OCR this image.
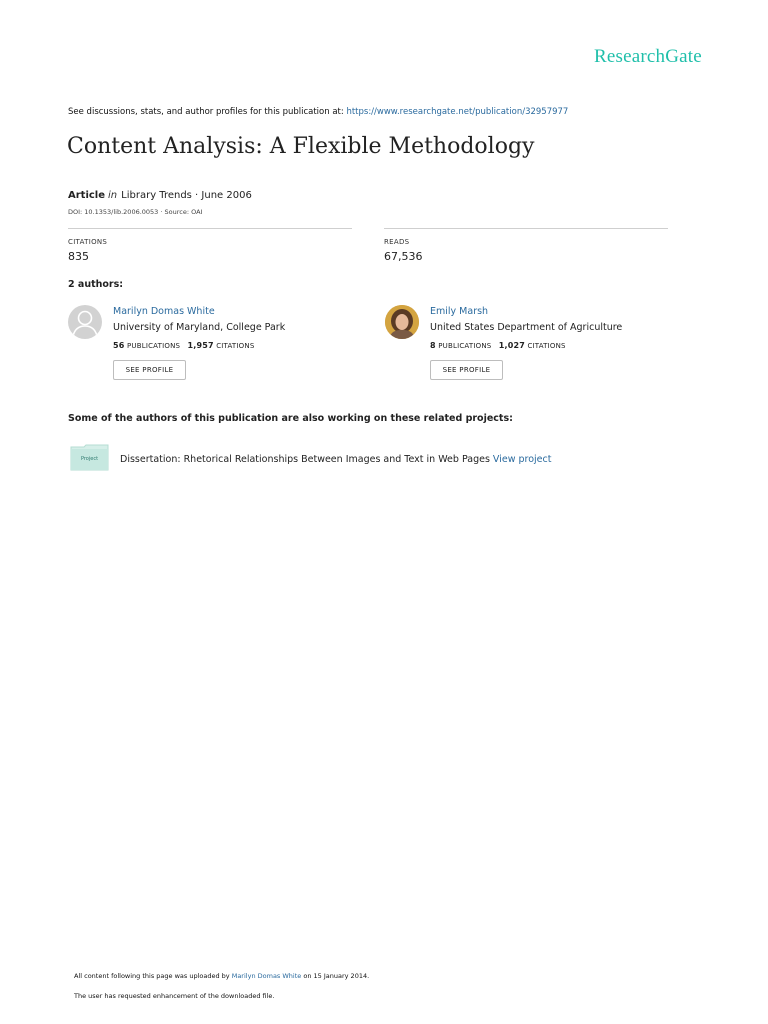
ResearchGate
See discussions, stats, and author profiles for this publication at: https://www.researchgate.net/publication/32957977
Content Analysis: A Flexible Methodology
Article in Library Trends · June 2006
DOI: 10.1353/lib.2006.0053 · Source: OAI
CITATIONS
835
READS
67,536
2 authors:
Marilyn Domas White
University of Maryland, College Park
56 PUBLICATIONS 1,957 CITATIONS
SEE PROFILE
Emily Marsh
United States Department of Agriculture
8 PUBLICATIONS 1,027 CITATIONS
SEE PROFILE
Some of the authors of this publication are also working on these related projects:
Project	Dissertation: Rhetorical Relationships Between Images and Text in Web Pages View project
All content following this page was uploaded by Marilyn Domas White on 15 January 2014.
The user has requested enhancement of the downloaded file.
